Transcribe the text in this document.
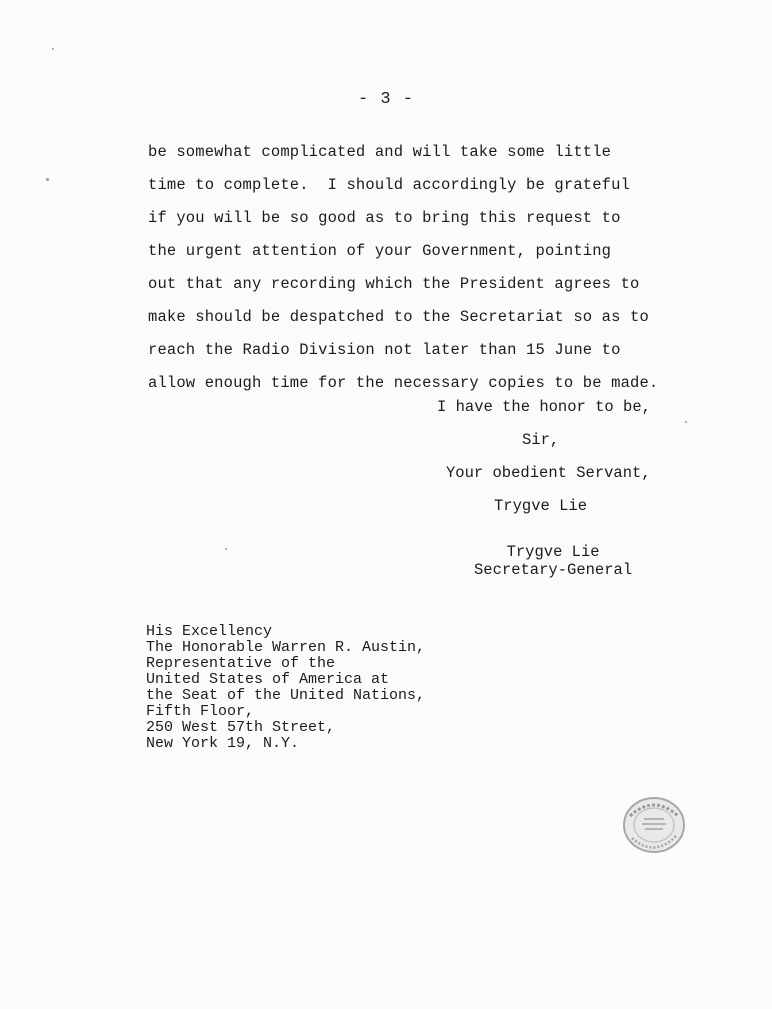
- 3 -
be somewhat complicated and will take some little
time to complete.  I should accordingly be grateful
if you will be so good as to bring this request to
the urgent attention of your Government, pointing
out that any recording which the President agrees to
make should be despatched to the Secretariat so as to
reach the Radio Division not later than 15 June to
allow enough time for the necessary copies to be made.
I have the honor to be,
Sir,
Your obedient Servant,
Trygve Lie
Trygve Lie
Secretary-General
His Excellency
The Honorable Warren R. Austin,
Representative of the
United States of America at
the Seat of the United Nations,
Fifth Floor,
250 West 57th Street,
New York 19, N.Y.
